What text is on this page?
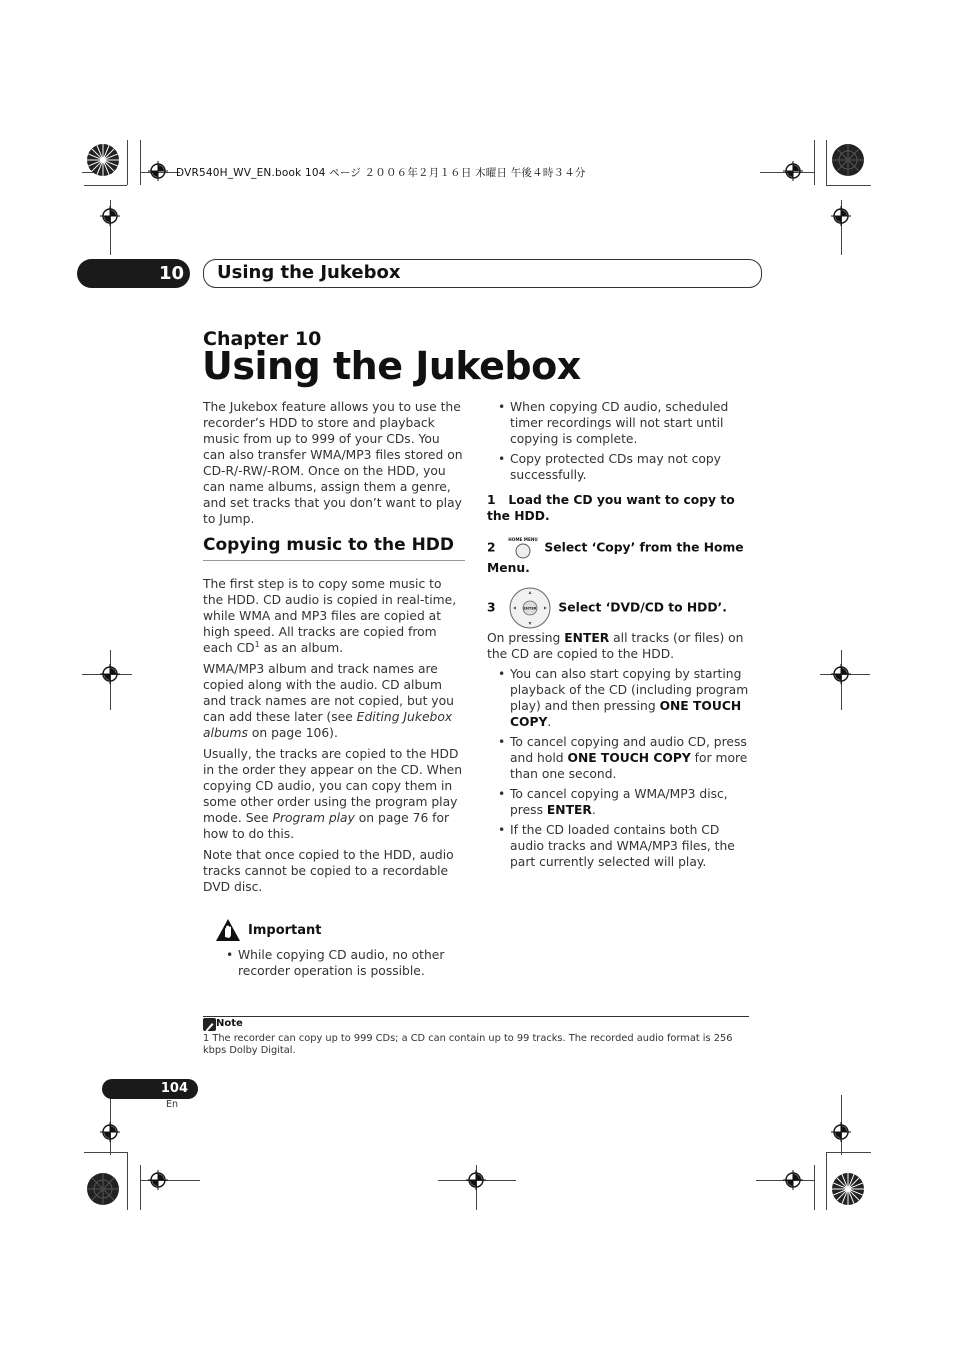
DVR540H_WV_EN.book 104 ページ ２００６年２月１６日 木曜日 午後４時３４分
10	Using the Jukebox
Chapter 10
Using the Jukebox

The Jukebox feature allows you to use the recorder’s HDD to store and playback music from up to 999 of your CDs. You can also transfer WMA/MP3 files stored on CD-R/-RW/-ROM. Once on the HDD, you can name albums, assign them a genre, and set tracks that you don’t want to play to Jump.

Copying music to the HDD

The first step is to copy some music to the HDD. CD audio is copied in real-time, while WMA and MP3 files are copied at high speed. All tracks are copied from each $CD^1$ as an album.

WMA/MP3 album and track names are copied along with the audio. CD album and track names are not copied, but you can add these later (see Editing Jukebox albums on page 106).

Usually, the tracks are copied to the HDD in the order they appear on the CD. When copying CD audio, you can copy them in some other order using the program play mode. See Program play on page 76 for how to do this.

Note that once copied to the HDD, audio tracks cannot be copied to a recordable DVD disc.

Important
• While copying CD audio, no other recorder operation is possible.
• When copying CD audio, scheduled timer recordings will not start until copying is complete.
• Copy protected CDs may not copy successfully.
1 Load the CD you want to copy to the HDD.
2
HOME MENU
Select ‘Copy’ from the Home Menu.
3	ENTER Select ‘DVD/CD to HDD’.
On pressing ENTER all tracks (or files) on the CD are copied to the HDD.
• You can also start copying by starting playback of the CD (including program play) and then pressing ONE TOUCH COPY.
• To cancel copying and audio CD, press and hold ONE TOUCH COPY for more than one second.
• To cancel copying a WMA/MP3 disc, press ENTER.
• If the CD loaded contains both CD audio tracks and WMA/MP3 files, the part currently selected will play.
Note
1 The recorder can copy up to 999 CDs; a CD can contain up to 99 tracks. The recorded audio format is 256 kbps Dolby Digital.
104
En
